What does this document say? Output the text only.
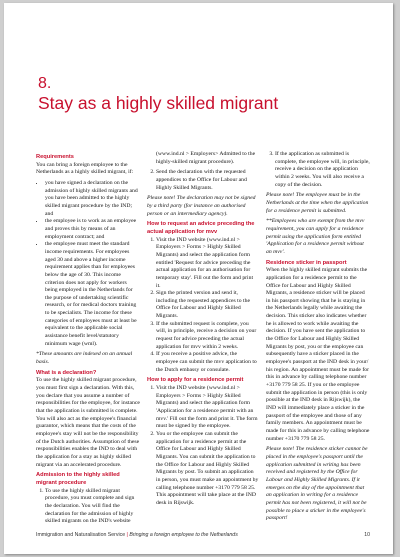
8.
Stay as a highly skilled migrant
Requirements

You can bring a foreign employee to the Netherlands as a highly skilled migrant, if:

• you have signed a declaration on the admission of highly skilled migrants and you have been admitted to the highly skilled migrant procedure by the IND; and
• the employee is to work as an employee and proves this by means of an employment contract; and
• the employee must meet the standard income requirements. For employees aged 30 and above a higher income requirement applies than for employees below the age of 30. This income criterion does not apply for workers being employed in the Netherlands for the purpose of undertaking scientific research, or for medical doctors training to be specialists. The income for these categories of employees must at least be equivalent to the applicable social assistance benefit level/statutory minimum wage (wml).

*These amounts are indexed on an annual basis.

What is a declaration?

To use the highly skilled migrant procedure, you must first sign a declaration. With this, you declare that you assume a number of responsibilities for the employee, for instance that the application is submitted is complete. You will also act as the employee's financial guarantor, which means that the costs of the employee's stay will not be the responsibility of the Dutch authorities. Assumption of these responsibilities enables the IND to deal with the application for a stay as highly skilled migrant via an accelerated procedure.

Admission to the highly skilled migrant procedure
1. To use the highly skilled migrant procedure, you must complete and sign the declaration. You will find the declaration for the admission of highly skilled migrants on the IND's website

(www.ind.nl > Employers> Admitted to the highly-skilled migrant procedure).

2. Send the declaration with the requested appendices to the Office for Labour and Highly Skilled Migrants.

Please note! The declaration may not be signed by a third party (for instance an authorised person or an intermediary agency).

How to request an advice preceding the actual application for mvv
1. Visit the IND website (www.ind.nl > Employers > Forms > Highly Skilled Migrants) and select the application form entitled 'Request for advice preceding the actual application for an authorisation for temporary stay'. Fill out the form and print it.
2. Sign the printed version and send it, including the requested appendices to the Office for Labour and Highly Skilled Migrants.
3. If the submitted request is complete, you will, in principle, receive a decision on your request for advice preceding the actual application for mvv within 2 weeks.
4. If you receive a positive advice, the employee can submit the mvv application to the Dutch embassy or consulate.
How to apply for a residence permit
1. Visit the IND website (www.ind.nl > Employers > Forms > Highly Skilled Migrants) and select the application form 'Application for a residence permit with an mvv.' Fill out the form and print it. The form must be signed by the employee.
2. You or the employee can submit the application for a residence permit at the Office for Labour and Highly Skilled Migrants. You can submit the application to the Office for Labour and Highly Skilled Migrants by post. To submit an application in person, you must make an appointment by calling telephone number +3170 779 58 25. This appointment will take place at the IND desk in Rijswijk.
3. If the application as submitted is complete, the employee will, in principle, receive a decision on the application within 2 weeks. You will also receive a copy of the decision.

Please note! The employee must be in the Netherlands at the time when the application for a residence permit is submitted.

**Employees who are exempt from the mvv requirement, you can apply for a residence permit using the application form entitled 'Application for a residence permit without an mvv'.

Residence sticker in passport

When the highly skilled migrant submits the application for a residence permit to the Office for Labour and Highly Skilled Migrants, a residence sticker will be placed in his passport showing that he is staying in the Netherlands legally while awaiting the decision. This sticker also indicates whether he is allowed to work while awaiting the decision. If you have sent the application to the Office for Labour and Highly Skilled Migrants by post, you or the employee can subsequently have a sticker placed in the employee's passport at the IND desk in your/ his region. An appointment must be made for this in advance by calling telephone number +3170 779 58 25. If you or the employee submit the application in person (this is only possible at the IND desk in Rijswijk), the IND will immediately place a sticker in the passport of the employee and those of any family members. An appointment must be made for this in advance by calling telephone number +3170 779 58 25.

Please note! The residence sticker cannot be placed in the employee's passport until the application submitted in writing has been received and registered by the Office for Labour and Highly Skilled Migrants. If it emerges on the day of the appointment that an application in writing for a residence permit has not been registered, it will not be possible to place a sticker in the employee's passport!

Immigration and Naturalisation Service | Bringing a foreign employee to the Netherlands	10
